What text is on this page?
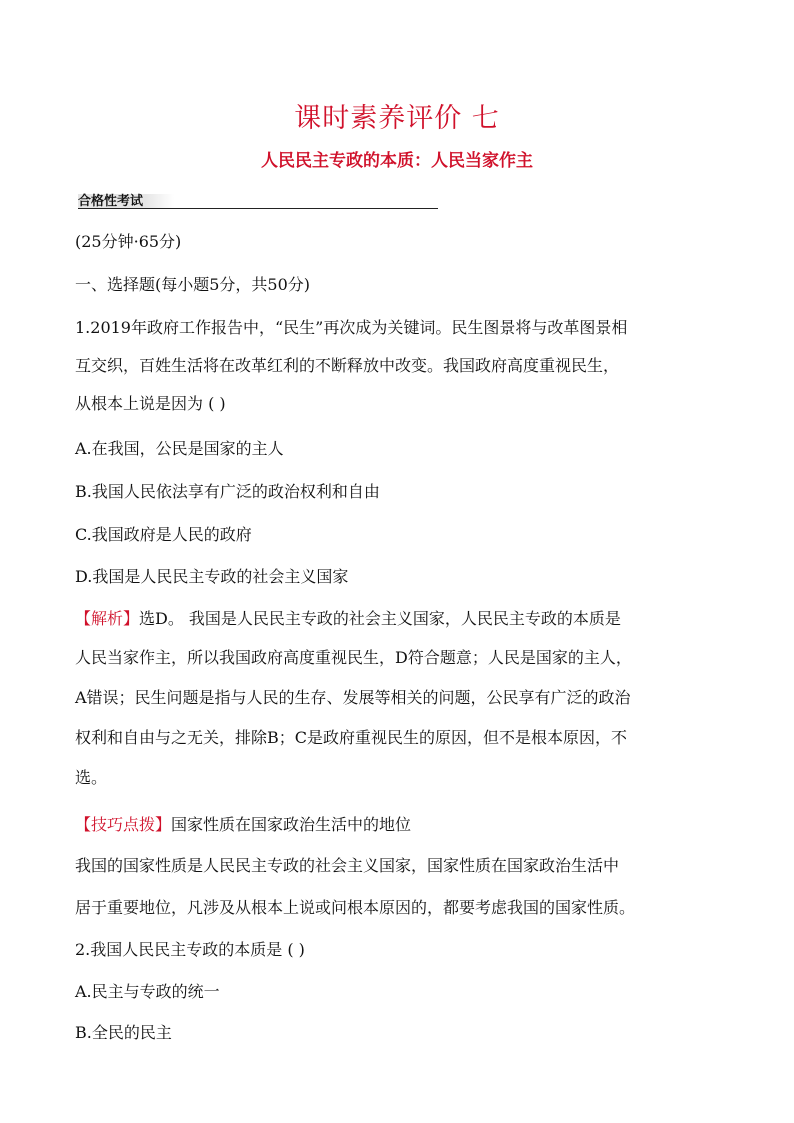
课时素养评价 七
人民民主专政的本质：人民当家作主
合格性考试
(25分钟·65分)
一、选择题(每小题5分，共50分)
1.2019年政府工作报告中，“民生”再次成为关键词。民生图景将与改革图景相
互交织，百姓生活将在改革红利的不断释放中改变。我国政府高度重视民生，
从根本上说是因为 ( )
A.在我国，公民是国家的主人
B.我国人民依法享有广泛的政治权利和自由
C.我国政府是人民的政府
D.我国是人民民主专政的社会主义国家
【解析】选D。 我国是人民民主专政的社会主义国家，人民民主专政的本质是
人民当家作主，所以我国政府高度重视民生，D符合题意；人民是国家的主人，
A错误；民生问题是指与人民的生存、发展等相关的问题，公民享有广泛的政治
权利和自由与之无关，排除B；C是政府重视民生的原因，但不是根本原因，不
选。
【技巧点拨】国家性质在国家政治生活中的地位
我国的国家性质是人民民主专政的社会主义国家，国家性质在国家政治生活中
居于重要地位，凡涉及从根本上说或问根本原因的，都要考虑我国的国家性质。
2.我国人民民主专政的本质是 ( )
A.民主与专政的统一
B.全民的民主
